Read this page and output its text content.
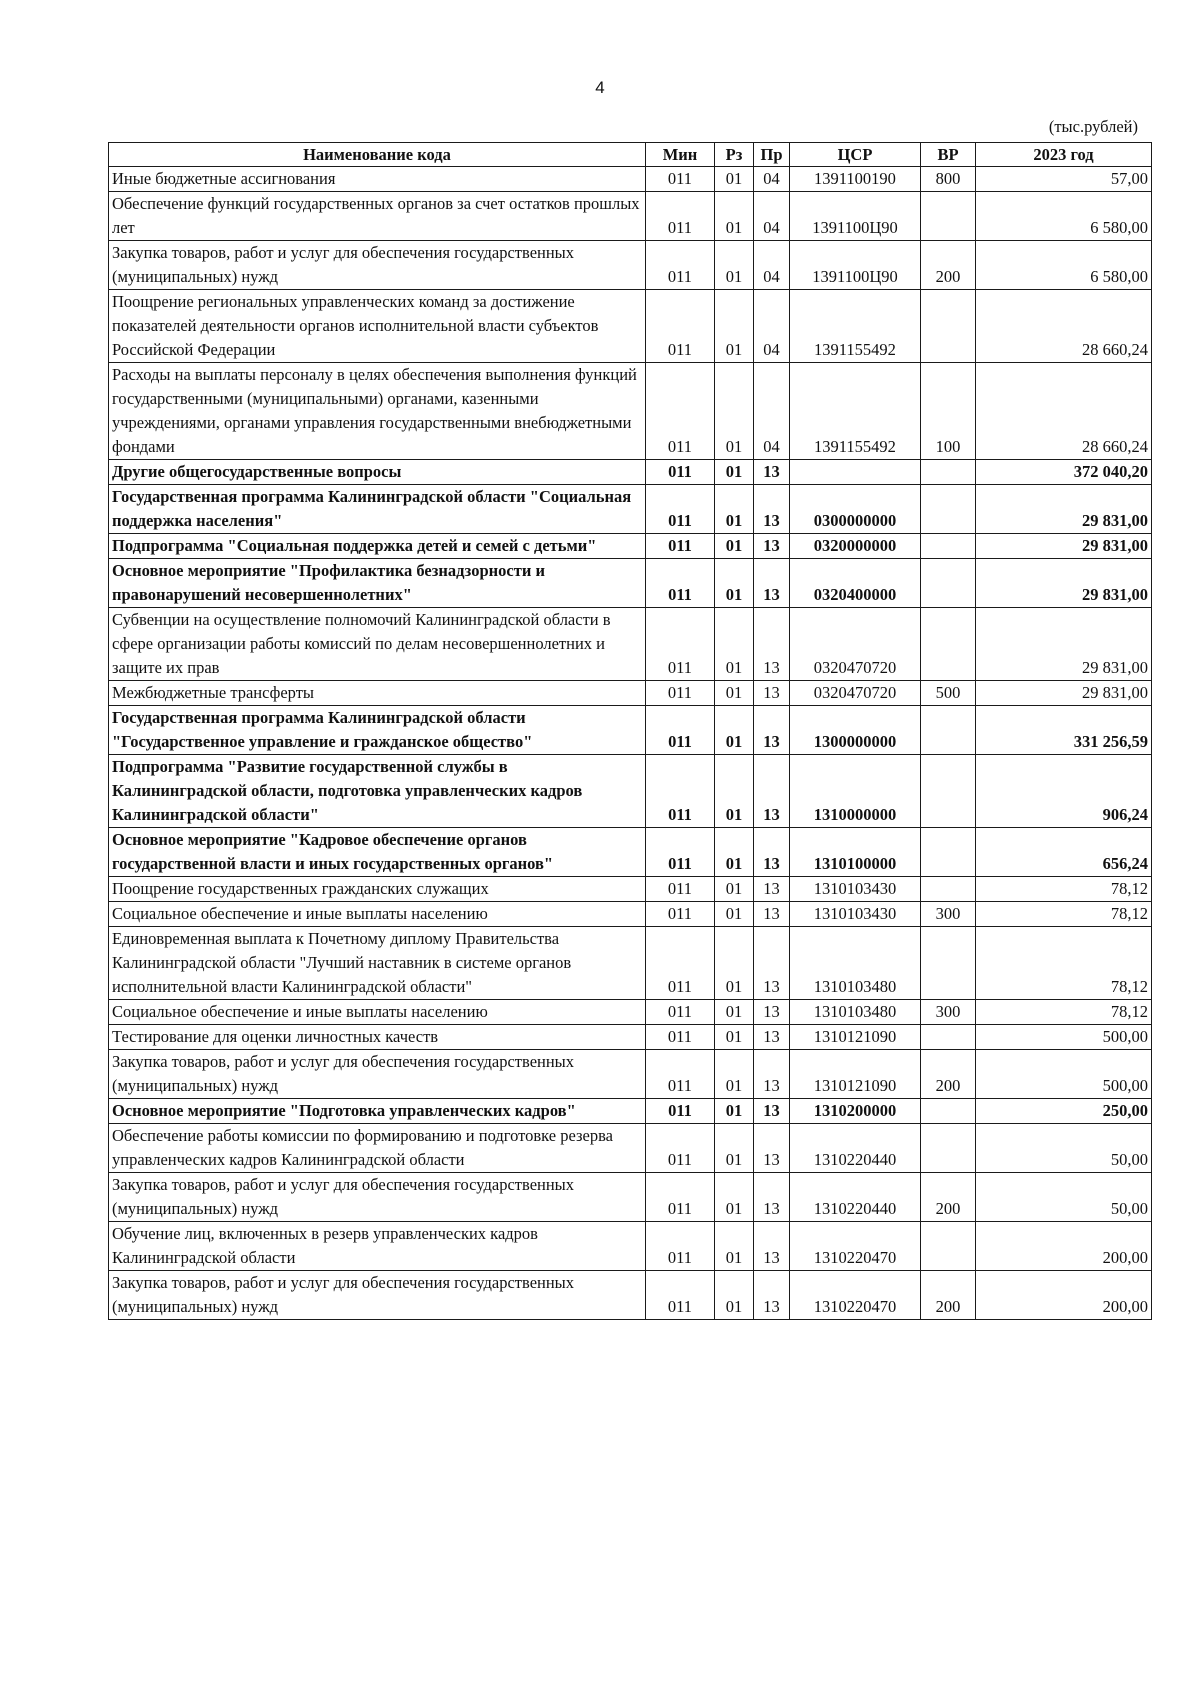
4
(тыс.рублей)
Наименование кода	Мин	Рз	Пр	ЦСР	ВР	2023 год
Иные бюджетные ассигнования	011	01	04	1391100190	800	57,00
Обеспечение функций государственных органов за счет остатков прошлых лет	011	01	04	1391100Ц90		6 580,00
Закупка товаров, работ и услуг для обеспечения государственных (муниципальных) нужд	011	01	04	1391100Ц90	200	6 580,00
Поощрение региональных управленческих команд за достижение показателей деятельности органов исполнительной власти субъектов Российской Федерации	011	01	04	1391155492		28 660,24
Расходы на выплаты персоналу в целях обеспечения выполнения функций государственными (муниципальными) органами, казенными учреждениями, органами управления государственными внебюджетными фондами	011	01	04	1391155492	100	28 660,24
Другие общегосударственные вопросы	011	01	13			372 040,20
Государственная программа Калининградской области "Социальная поддержка населения"	011	01	13	0300000000		29 831,00
Подпрограмма "Социальная поддержка детей и семей с детьми"	011	01	13	0320000000		29 831,00
Основное мероприятие "Профилактика безнадзорности и правонарушений несовершеннолетних"	011	01	13	0320400000		29 831,00
Субвенции на осуществление полномочий Калининградской области в сфере организации работы комиссий по делам несовершеннолетних и защите их прав	011	01	13	0320470720		29 831,00
Межбюджетные трансферты	011	01	13	0320470720	500	29 831,00
Государственная программа Калининградской области "Государственное управление и гражданское общество"	011	01	13	1300000000		331 256,59
Подпрограмма "Развитие государственной службы в Калининградской области, подготовка управленческих кадров Калининградской области"	011	01	13	1310000000		906,24
Основное мероприятие "Кадровое обеспечение органов государственной власти и иных государственных органов"	011	01	13	1310100000		656,24
Поощрение государственных гражданских служащих	011	01	13	1310103430		78,12
Социальное обеспечение и иные выплаты населению	011	01	13	1310103430	300	78,12
Единовременная выплата к Почетному диплому Правительства Калининградской области "Лучший наставник в системе органов исполнительной власти Калининградской области"	011	01	13	1310103480		78,12
Социальное обеспечение и иные выплаты населению	011	01	13	1310103480	300	78,12
Тестирование для оценки личностных качеств	011	01	13	1310121090		500,00
Закупка товаров, работ и услуг для обеспечения государственных (муниципальных) нужд	011	01	13	1310121090	200	500,00
Основное мероприятие "Подготовка управленческих кадров"	011	01	13	1310200000		250,00
Обеспечение работы комиссии по формированию и подготовке резерва управленческих кадров Калининградской области	011	01	13	1310220440		50,00
Закупка товаров, работ и услуг для обеспечения государственных (муниципальных) нужд	011	01	13	1310220440	200	50,00
Обучение лиц, включенных в резерв управленческих кадров Калининградской области	011	01	13	1310220470		200,00
Закупка товаров, работ и услуг для обеспечения государственных (муниципальных) нужд	011	01	13	1310220470	200	200,00
